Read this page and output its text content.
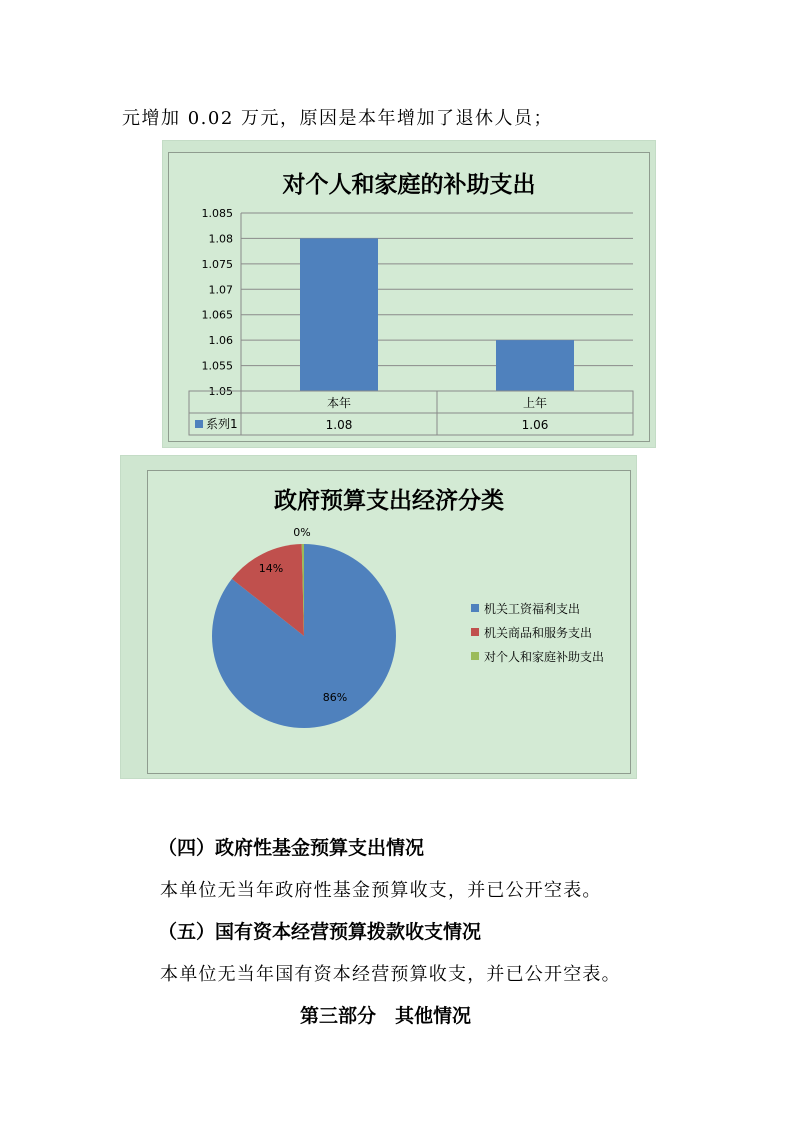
元增加 0.02 万元，原因是本年增加了退休人员；
对个人和家庭的补助支出
1.085
1.08
1.075
1.07
1.065
1.06
1.055
1.05
本年
1.08
上年
1.06
系列1
政府预算支出经济分类
86%
14%
0%
机关工资福利支出
机关商品和服务支出
对个人和家庭补助支出
（四）政府性基金预算支出情况
本单位无当年政府性基金预算收支，并已公开空表。
（五）国有资本经营预算拨款收支情况
本单位无当年国有资本经营预算收支，并已公开空表。
第三部分　其他情况
